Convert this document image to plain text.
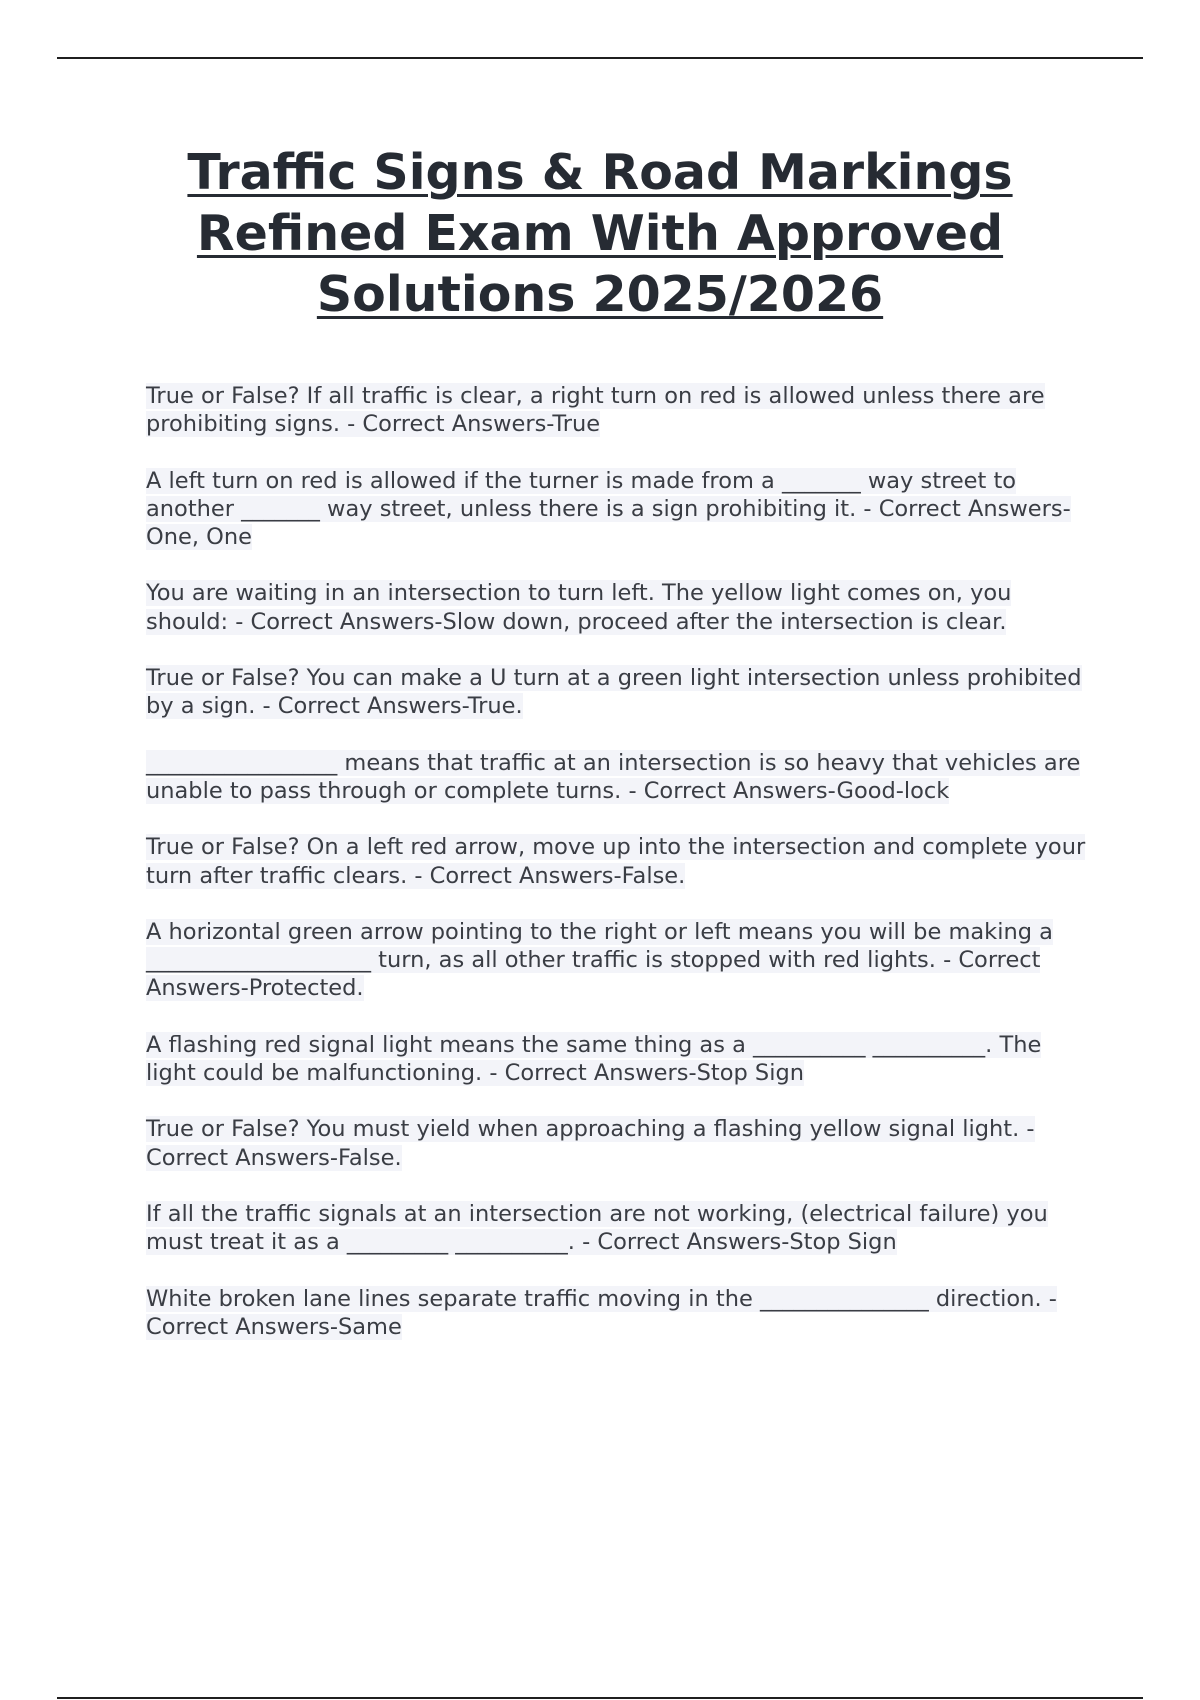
Traffic Signs & Road Markings Refined Exam With Approved Solutions 2025/2026

True or False? If all traffic is clear, a right turn on red is allowed unless there are prohibiting signs. - Correct Answers-True

A left turn on red is allowed if the turner is made from a _______ way street to another _______ way street, unless there is a sign prohibiting it. - Correct Answers-One, One

You are waiting in an intersection to turn left. The yellow light comes on, you should: - Correct Answers-Slow down, proceed after the intersection is clear.

True or False? You can make a U turn at a green light intersection unless prohibited by a sign. - Correct Answers-True.

_________________ means that traffic at an intersection is so heavy that vehicles are unable to pass through or complete turns. - Correct Answers-Good-lock

True or False? On a left red arrow, move up into the intersection and complete your turn after traffic clears. - Correct Answers-False.

A horizontal green arrow pointing to the right or left means you will be making a ____________________ turn, as all other traffic is stopped with red lights. - Correct Answers-Protected.

A flashing red signal light means the same thing as a __________ __________. The light could be malfunctioning. - Correct Answers-Stop Sign

True or False? You must yield when approaching a flashing yellow signal light. - Correct Answers-False.

If all the traffic signals at an intersection are not working, (electrical failure) you must treat it as a _________ __________. - Correct Answers-Stop Sign

White broken lane lines separate traffic moving in the _______________ direction. - Correct Answers-Same
